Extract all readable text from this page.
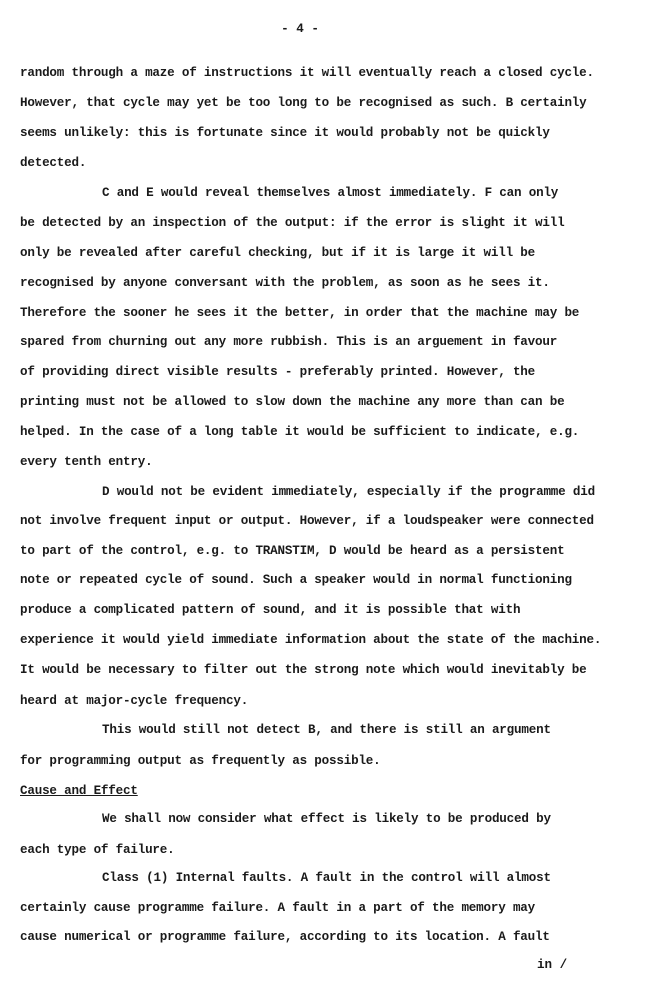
- 4 -
random through a maze of instructions it will eventually reach a closed cycle.
However, that cycle may yet be too long to be recognised as such. B certainly
seems unlikely: this is fortunate since it would probably not be quickly
detected.
C and E would reveal themselves almost immediately. F can only
be detected by an inspection of the output: if the error is slight it will
only be revealed after careful checking, but if it is large it will be
recognised by anyone conversant with the problem, as soon as he sees it.
Therefore the sooner he sees it the better, in order that the machine may be
spared from churning out any more rubbish. This is an arguement in favour
of providing direct visible results - preferably printed. However, the
printing must not be allowed to slow down the machine any more than can be
helped. In the case of a long table it would be sufficient to indicate, e.g.
every tenth entry.
D would not be evident immediately, especially if the programme did
not involve frequent input or output. However, if a loudspeaker were connected
to part of the control, e.g. to TRANSTIM, D would be heard as a persistent
note or repeated cycle of sound. Such a speaker would in normal functioning
produce a complicated pattern of sound, and it is possible that with
experience it would yield immediate information about the state of the machine.
It would be necessary to filter out the strong note which would inevitably be
heard at major-cycle frequency.
This would still not detect B, and there is still an argument
for programming output as frequently as possible.
Cause and Effect
We shall now consider what effect is likely to be produced by
each type of failure.
Class (1) Internal faults. A fault in the control will almost
certainly cause programme failure. A fault in a part of the memory may
cause numerical or programme failure, according to its location. A fault
in /
